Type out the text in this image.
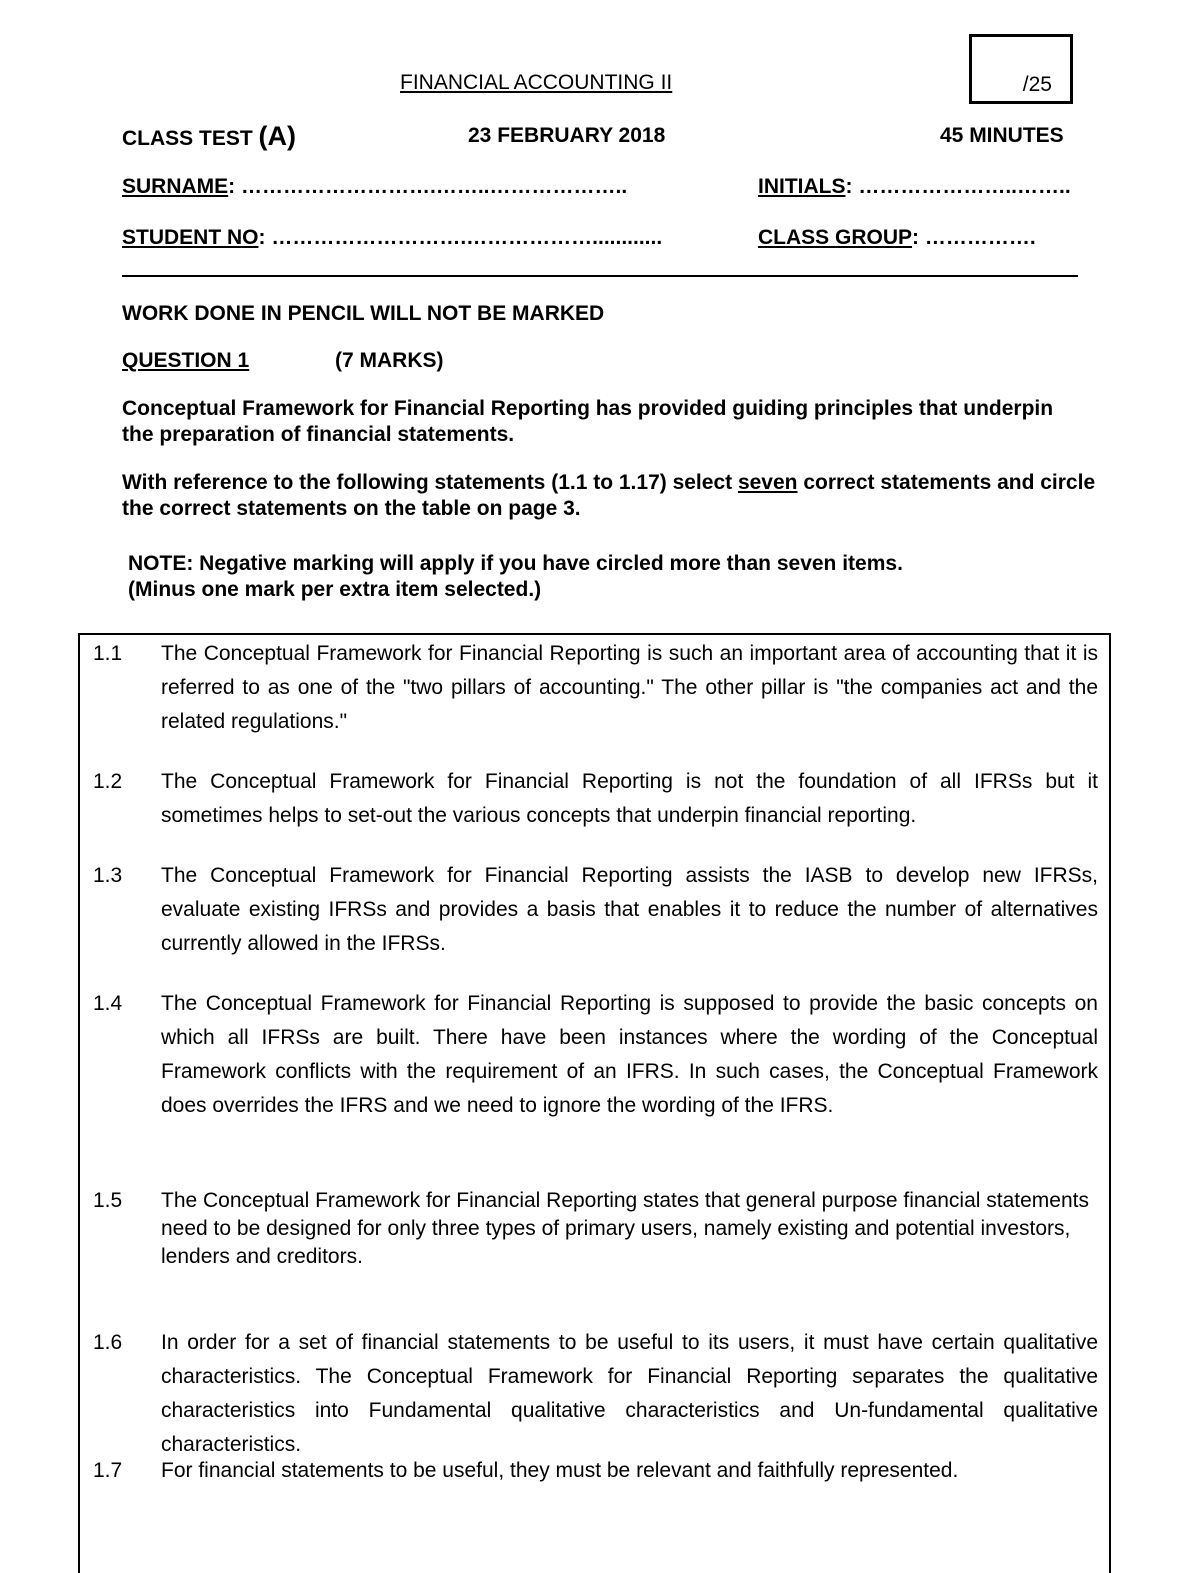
FINANCIAL ACCOUNTING II	/25
CLASS TEST (A)	23 FEBRUARY 2018	45 MINUTES
SURNAME: ……………………….……..………………..	INITIALS: …………………..……..
STUDENT NO: ……………………….………………............	CLASS GROUP: …………….
WORK DONE IN PENCIL WILL NOT BE MARKED
QUESTION 1	(7 MARKS)
Conceptual Framework for Financial Reporting has provided guiding principles that underpin the preparation of financial statements.
With reference to the following statements (1.1 to 1.17) select seven correct statements and circle the correct statements on the table on page 3.
NOTE: Negative marking will apply if you have circled more than seven items.
(Minus one mark per extra item selected.)
1.1 The Conceptual Framework for Financial Reporting is such an important area of accounting that it is referred to as one of the "two pillars of accounting." The other pillar is "the companies act and the related regulations."
1.2 The Conceptual Framework for Financial Reporting is not the foundation of all IFRSs but it sometimes helps to set-out the various concepts that underpin financial reporting.
1.3 The Conceptual Framework for Financial Reporting assists the IASB to develop new IFRSs, evaluate existing IFRSs and provides a basis that enables it to reduce the number of alternatives currently allowed in the IFRSs.
1.4 The Conceptual Framework for Financial Reporting is supposed to provide the basic concepts on which all IFRSs are built. There have been instances where the wording of the Conceptual Framework conflicts with the requirement of an IFRS. In such cases, the Conceptual Framework does overrides the IFRS and we need to ignore the wording of the IFRS.
1.5 The Conceptual Framework for Financial Reporting states that general purpose financial statements need to be designed for only three types of primary users, namely existing and potential investors, lenders and creditors.
1.6 In order for a set of financial statements to be useful to its users, it must have certain qualitative characteristics. The Conceptual Framework for Financial Reporting separates the qualitative characteristics into Fundamental qualitative characteristics and Un-fundamental qualitative characteristics.
1.7 For financial statements to be useful, they must be relevant and faithfully represented.
